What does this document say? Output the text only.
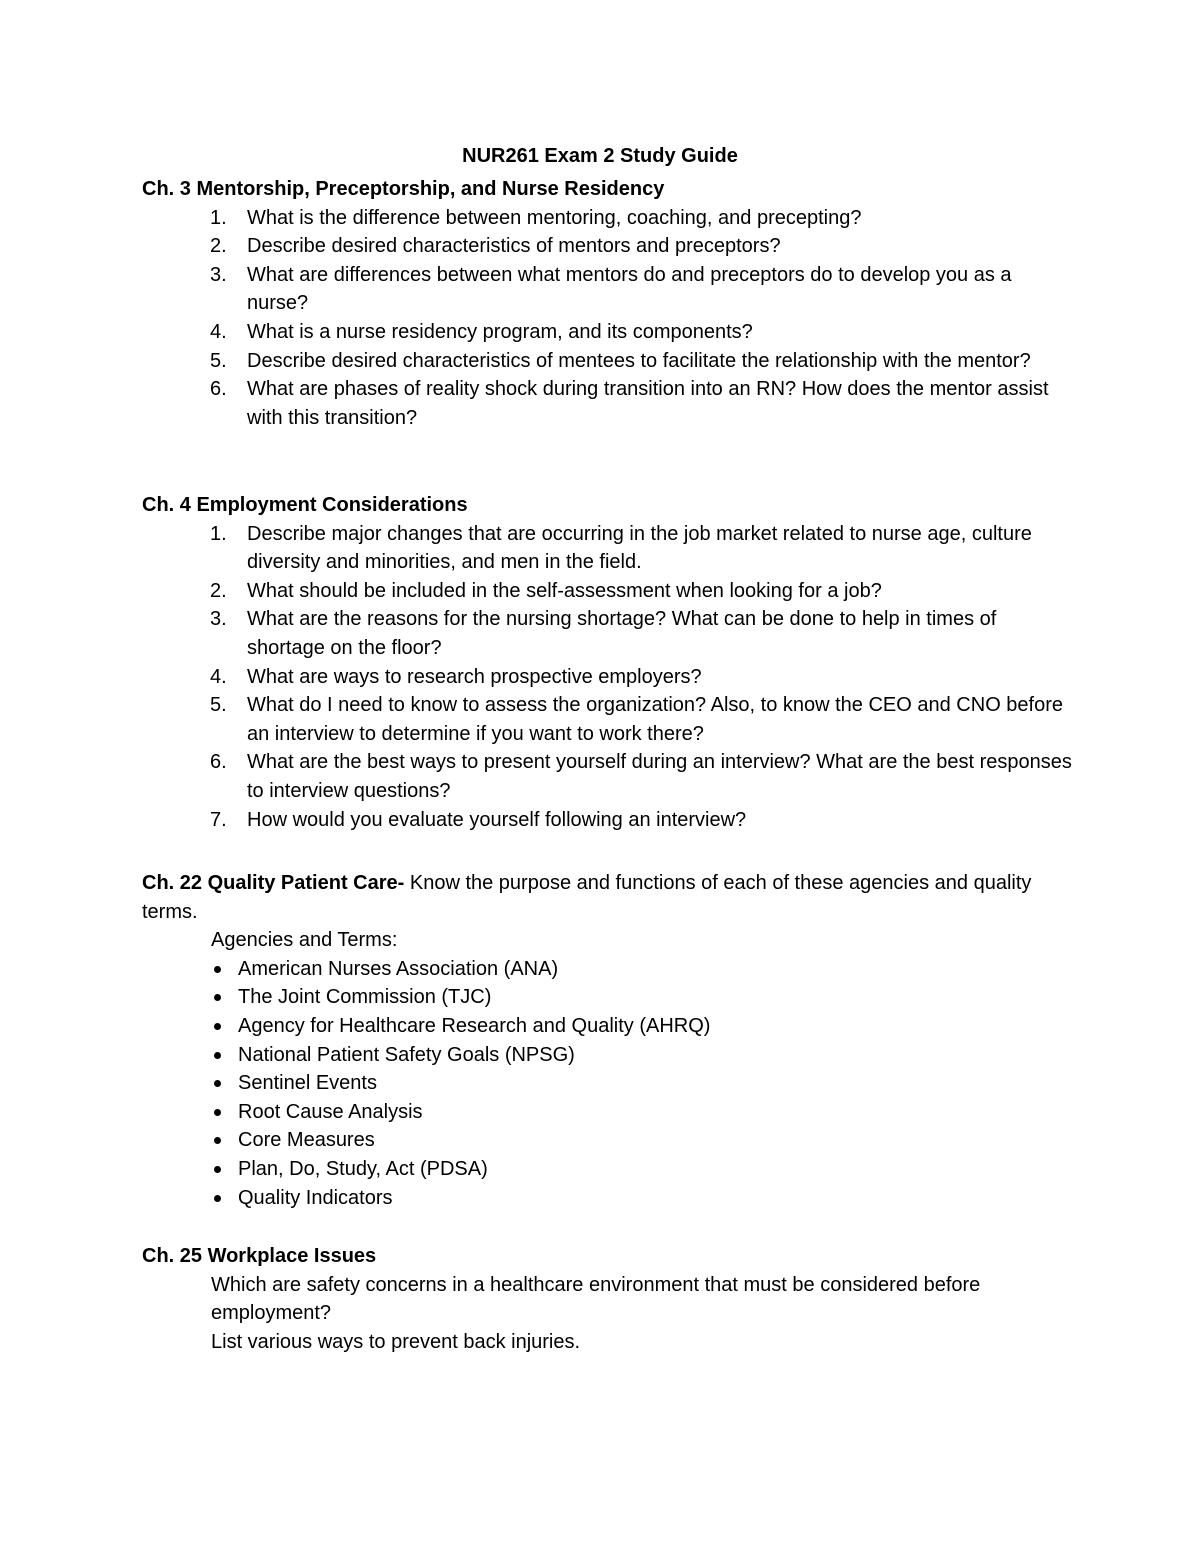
NUR261 Exam 2 Study Guide

Ch. 3 Mentorship, Preceptorship, and Nurse Residency

1. What is the difference between mentoring, coaching, and precepting?
2. Describe desired characteristics of mentors and preceptors?
3. What are differences between what mentors do and preceptors do to develop you as a nurse?
4. What is a nurse residency program, and its components?
5. Describe desired characteristics of mentees to facilitate the relationship with the mentor?
6. What are phases of reality shock during transition into an RN? How does the mentor assist with this transition?

Ch. 4 Employment Considerations

1. Describe major changes that are occurring in the job market related to nurse age, culture diversity and minorities, and men in the field.
2. What should be included in the self-assessment when looking for a job?
3. What are the reasons for the nursing shortage? What can be done to help in times of shortage on the floor?
4. What are ways to research prospective employers?
5. What do I need to know to assess the organization? Also, to know the CEO and CNO before an interview to determine if you want to work there?
6. What are the best ways to present yourself during an interview? What are the best responses to interview questions?
7. How would you evaluate yourself following an interview?

Ch. 22 Quality Patient Care- Know the purpose and functions of each of these agencies and quality terms.

Agencies and Terms:

American Nurses Association (ANA)
The Joint Commission (TJC)
Agency for Healthcare Research and Quality (AHRQ)
National Patient Safety Goals (NPSG)
Sentinel Events
Root Cause Analysis
Core Measures
Plan, Do, Study, Act (PDSA)
Quality Indicators

Ch. 25 Workplace Issues

Which are safety concerns in a healthcare environment that must be considered before employment?

List various ways to prevent back injuries.
